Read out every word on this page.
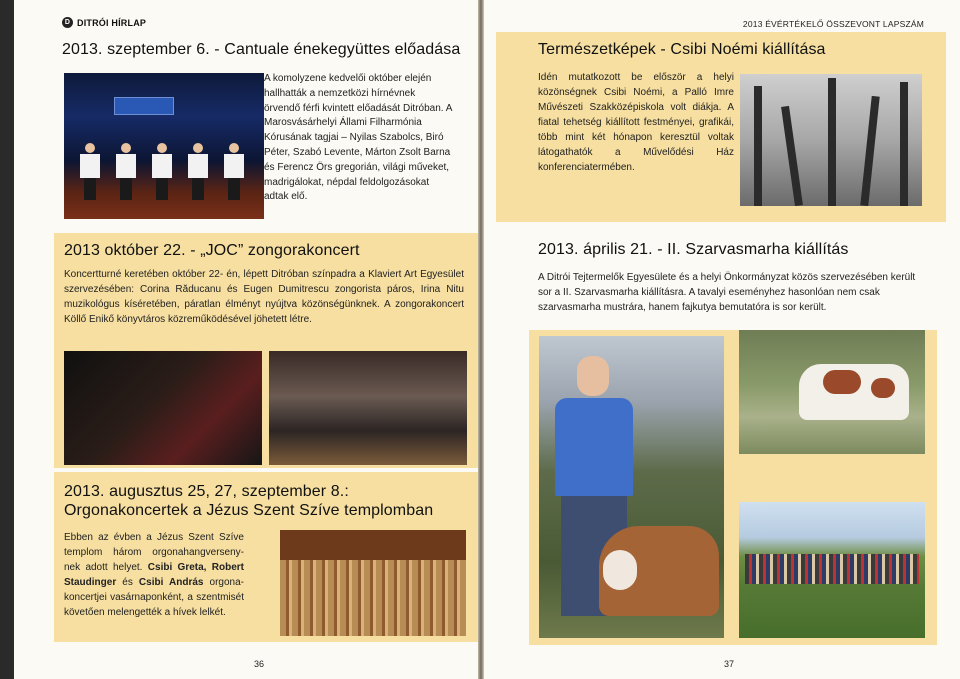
D DITRÓI HÍRLAP
2013. szeptember 6. - Cantuale énekegyüttes előadása
A komolyzene kedvelői október elején hallhatták a nemzetközi hírnévnek örvendő férfi kvintett előadását Ditróban. A Marosvásárhelyi Állami Filharmónia Kórusának tagjai – Nyilas Szabolcs, Biró Péter, Szabó Levente, Márton Zsolt Barna és Ferencz Örs gregorián, világi műveket, madrigálokat, népdal feldolgozásokat adtak elő.
2013 október 22. - „JOC” zongorakoncert
Koncertturné keretében október 22- én, lépett Ditróban színpadra a Klaviert Art Egyesület szervezésében: Corina Răducanu és Eugen Dumitrescu zongorista páros, Irina Nitu muzikológus kíséretében, páratlan élményt nyújtva közönségünknek. A zongorakoncert Köllő Enikő könyvtáros közreműködésével jöhetett létre.
2013. augusztus 25, 27, szeptember 8.: Orgonakoncertek a Jézus Szent Szíve templomban
Ebben az évben a Jézus Szent Szíve templom három orgonahangverseny-nek adott helyet. Csibi Greta, Robert Staudinger és Csibi András orgona-koncertjei vasárnaponként, a szentmisét követően melengették a hívek lelkét.
36
2013 ÉVÉRTÉKELŐ ÖSSZEVONT LAPSZÁM
Természetképek - Csibi Noémi kiállítása
Idén mutatkozott be először a helyi közönségnek Csibi Noémi, a Palló Imre Művészeti Szakközépiskola volt diákja. A fiatal tehetség kiállított festményei, grafikái, több mint két hónapon keresztül voltak látogathatók a Művelődési Ház konferenciatermében.
2013. április 21. - II. Szarvasmarha kiállítás
A Ditrói Tejtermelők Egyesülete és a helyi Önkormányzat közös szervezésében került sor a II. Szarvasmarha kiállításra. A tavalyi eseményhez hasonlóan nem csak szarvasmarha mustrára, hanem fajkutya bemutatóra is sor került.
37
